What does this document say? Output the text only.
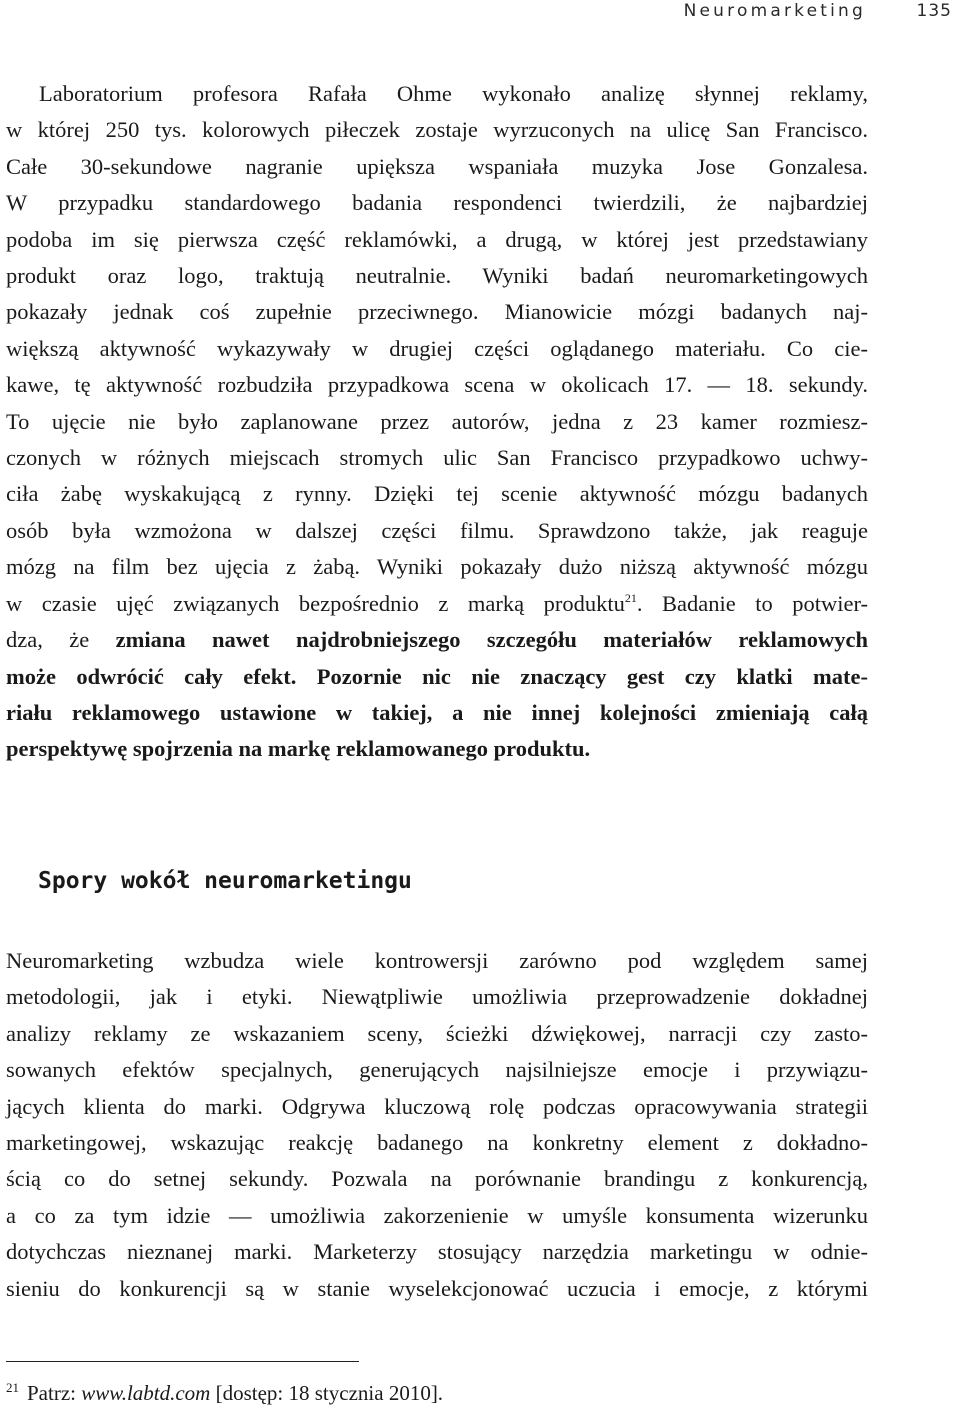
Neuromarketing	135
Laboratorium profesora Rafała Ohme wykonało analizę słynnej reklamy,
w której 250 tys. kolorowych piłeczek zostaje wyrzuconych na ulicę San Francisco.
Całe 30-sekundowe nagranie upiększa wspaniała muzyka Jose Gonzalesa.
W przypadku standardowego badania respondenci twierdzili, że najbardziej
podoba im się pierwsza część reklamówki, a drugą, w której jest przedstawiany
produkt oraz logo, traktują neutralnie. Wyniki badań neuromarketingowych
pokazały jednak coś zupełnie przeciwnego. Mianowicie mózgi badanych naj-
większą aktywność wykazywały w drugiej części oglądanego materiału. Co cie-
kawe, tę aktywność rozbudziła przypadkowa scena w okolicach 17. — 18. sekundy.
To ujęcie nie było zaplanowane przez autorów, jedna z 23 kamer rozmiesz-
czonych w różnych miejscach stromych ulic San Francisco przypadkowo uchwy-
ciła żabę wyskakującą z rynny. Dzięki tej scenie aktywność mózgu badanych
osób była wzmożona w dalszej części filmu. Sprawdzono także, jak reaguje
mózg na film bez ujęcia z żabą. Wyniki pokazały dużo niższą aktywność mózgu
w czasie ujęć związanych bezpośrednio z marką produktu$^{21}$. Badanie to potwier-
dza, że zmiana nawet najdrobniejszego szczegółu materiałów reklamowych
może odwrócić cały efekt. Pozornie nic nie znaczący gest czy klatki mate-
riału reklamowego ustawione w takiej, a nie innej kolejności zmieniają całą
perspektywę spojrzenia na markę reklamowanego produktu.
Spory wokół neuromarketingu
Neuromarketing wzbudza wiele kontrowersji zarówno pod względem samej
metodologii, jak i etyki. Niewątpliwie umożliwia przeprowadzenie dokładnej
analizy reklamy ze wskazaniem sceny, ścieżki dźwiękowej, narracji czy zasto-
sowanych efektów specjalnych, generujących najsilniejsze emocje i przywiązu-
jących klienta do marki. Odgrywa kluczową rolę podczas opracowywania strategii
marketingowej, wskazując reakcję badanego na konkretny element z dokładno-
ścią co do setnej sekundy. Pozwala na porównanie brandingu z konkurencją,
a co za tym idzie — umożliwia zakorzenienie w umyśle konsumenta wizerunku
dotychczas nieznanej marki. Marketerzy stosujący narzędzia marketingu w odnie-
sieniu do konkurencji są w stanie wyselekcjonować uczucia i emocje, z którymi
$^{21}$ Patrz: www.labtd.com [dostęp: 18 stycznia 2010].
